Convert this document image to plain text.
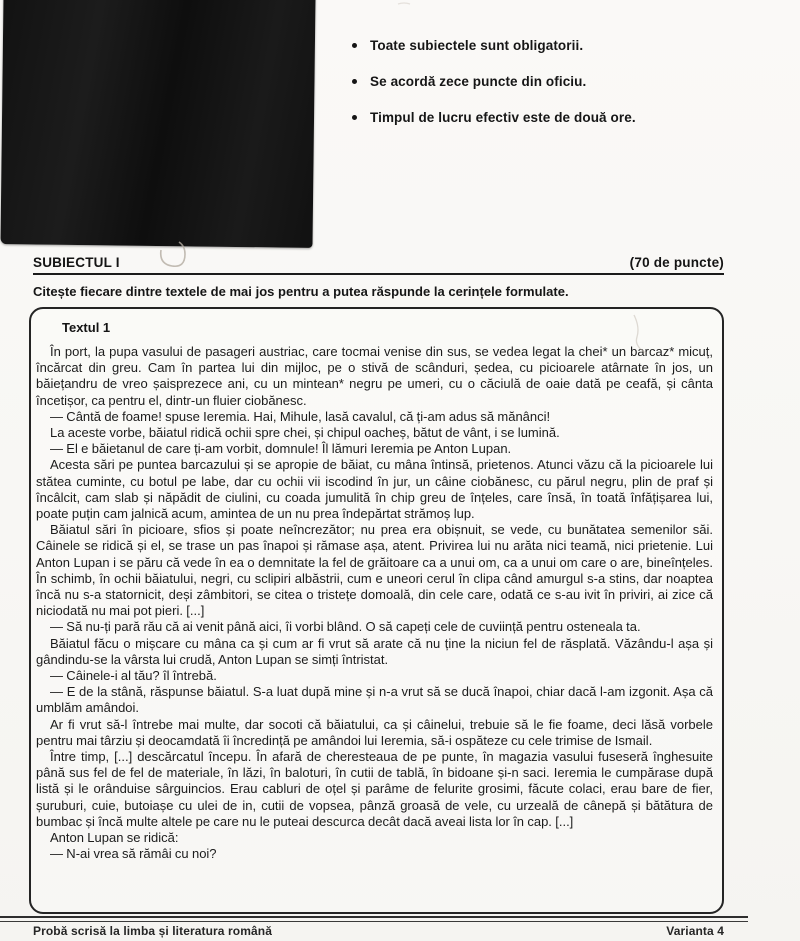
Toate subiectele sunt obligatorii.
Se acordă zece puncte din oficiu.
Timpul de lucru efectiv este de două ore.
SUBIECTUL I	(70 de puncte)
Citește fiecare dintre textele de mai jos pentru a putea răspunde la cerințele formulate.
Textul 1

În port, la pupa vasului de pasageri austriac, care tocmai venise din sus, se vedea legat la chei* un barcaz* micuț, încărcat din greu. Cam în partea lui din mijloc, pe o stivă de scânduri, ședea, cu picioarele atârnate în jos, un băiețandru de vreo șaisprezece ani, cu un mintean* negru pe umeri, cu o căciulă de oaie dată pe ceafă, și cânta încetișor, ca pentru el, dintr-un fluier ciobănesc.

— Cântă de foame! spuse Ieremia. Hai, Mihule, lasă cavalul, că ți-am adus să mănânci!

La aceste vorbe, băiatul ridică ochii spre chei, și chipul oacheș, bătut de vânt, i se lumină.

— El e băietanul de care ți-am vorbit, domnule! Îl lămuri Ieremia pe Anton Lupan.

Acesta sări pe puntea barcazului și se apropie de băiat, cu mâna întinsă, prietenos. Atunci văzu că la picioarele lui stătea cuminte, cu botul pe labe, dar cu ochii vii iscodind în jur, un câine ciobănesc, cu părul negru, plin de praf și încâlcit, cam slab și năpădit de ciulini, cu coada jumulită în chip greu de înțeles, care însă, în toată înfățișarea lui, poate puțin cam jalnică acum, amintea de un nu prea îndepărtat strămoș lup.

Băiatul sări în picioare, sfios și poate neîncrezător; nu prea era obișnuit, se vede, cu bunătatea semenilor săi. Câinele se ridică și el, se trase un pas înapoi și rămase așa, atent. Privirea lui nu arăta nici teamă, nici prietenie. Lui Anton Lupan i se păru că vede în ea o demnitate la fel de grăitoare ca a unui om, ca a unui om care o are, bineînțeles. În schimb, în ochii băiatului, negri, cu sclipiri albăstrii, cum e uneori cerul în clipa când amurgul s-a stins, dar noaptea încă nu s-a statornicit, deși zâmbitori, se citea o tristețe domoală, din cele care, odată ce s-au ivit în priviri, ai zice că niciodată nu mai pot pieri. [...]

— Să nu-ți pară rău că ai venit până aici, îi vorbi blând. O să capeți cele de cuviință pentru osteneala ta.

Băiatul făcu o mișcare cu mâna ca și cum ar fi vrut să arate că nu ține la niciun fel de răsplată. Văzându-l așa și gândindu-se la vârsta lui crudă, Anton Lupan se simți întristat.

— Câinele-i al tău? îl întrebă.

— E de la stână, răspunse băiatul. S-a luat după mine și n-a vrut să se ducă înapoi, chiar dacă l-am izgonit. Așa că umblăm amândoi.

Ar fi vrut să-l întrebe mai multe, dar socoti că băiatului, ca și câinelui, trebuie să le fie foame, deci lăsă vorbele pentru mai târziu și deocamdată îi încredință pe amândoi lui Ieremia, să-i ospăteze cu cele trimise de Ismail.

Între timp, [...] descărcatul începu. În afară de cheresteaua de pe punte, în magazia vasului fuseseră înghesuite până sus fel de fel de materiale, în lăzi, în baloturi, în cutii de tablă, în bidoane și-n saci. Ieremia le cumpărase după listă și le orânduise sârguincios. Erau cabluri de oțel și parâme de felurite grosimi, făcute colaci, erau bare de fier, șuruburi, cuie, butoiașe cu ulei de in, cutii de vopsea, pânză groasă de vele, cu urzeală de cânepă și bătătura de bumbac și încă multe altele pe care nu le puteai descurca decât dacă aveai lista lor în cap. [...]

Anton Lupan se ridică:

— N-ai vrea să rămâi cu noi?

Probă scrisă la limba și literatura română	Varianta 4
